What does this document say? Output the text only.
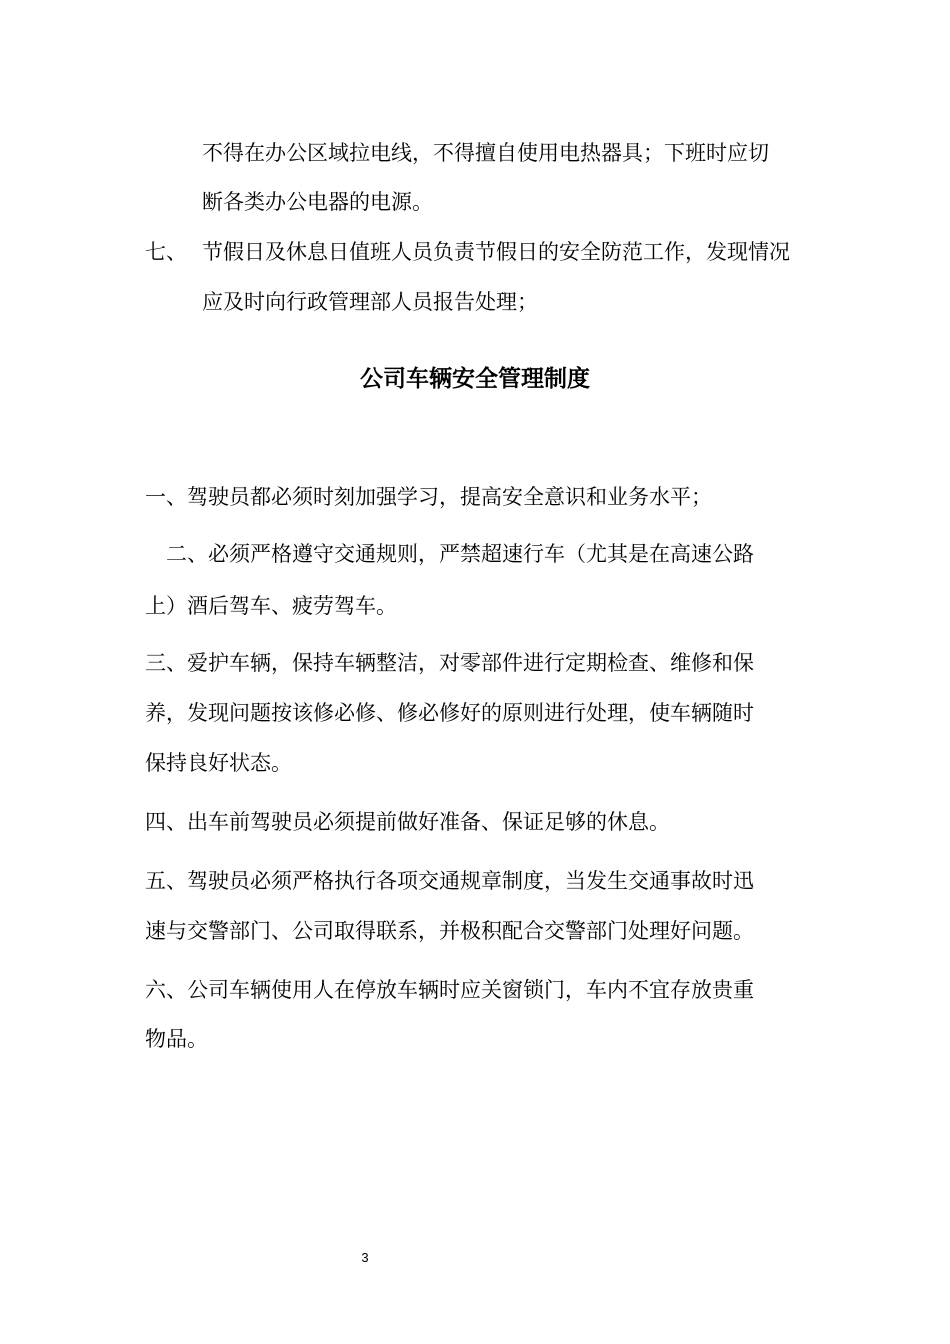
不得在办公区域拉电线，不得擅自使用电热器具；下班时应切
断各类办公电器的电源。
七、 节假日及休息日值班人员负责节假日的安全防范工作，发现情况
应及时向行政管理部人员报告处理；
公司车辆安全管理制度
一、驾驶员都必须时刻加强学习，提高安全意识和业务水平；
二、必须严格遵守交通规则，严禁超速行车（尤其是在高速公路
上）酒后驾车、疲劳驾车。
三、爱护车辆，保持车辆整洁，对零部件进行定期检查、维修和保
养，发现问题按该修必修、修必修好的原则进行处理，使车辆随时
保持良好状态。
四、出车前驾驶员必须提前做好准备、保证足够的休息。
五、驾驶员必须严格执行各项交通规章制度，当发生交通事故时迅
速与交警部门、公司取得联系，并极积配合交警部门处理好问题。
六、公司车辆使用人在停放车辆时应关窗锁门，车内不宜存放贵重
物品。
3
